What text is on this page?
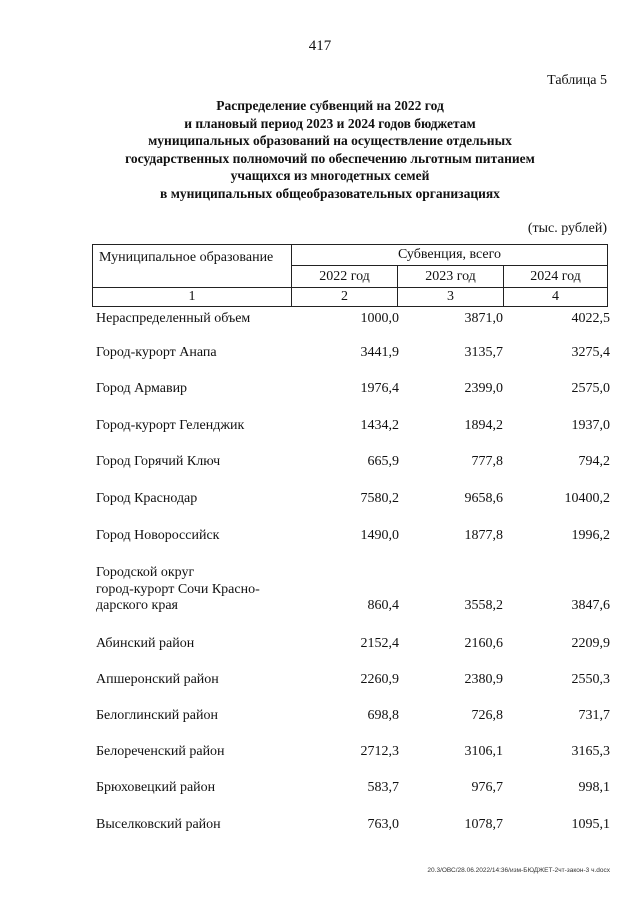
417
Таблица 5
Распределение субвенций на 2022 год
и плановый период 2023 и 2024 годов бюджетам
муниципальных образований на осуществление отдельных
государственных полномочий по обеспечению льготным питанием
учащихся из многодетных семей
в муниципальных общеобразовательных организациях
(тыс. рублей)
Муниципальное образование	Субвенция, всего
2022 год	2023 год	2024 год
1	2	3	4
Нераспределенный объем	1000,0	3871,0	4022,5
Город-курорт Анапа	3441,9	3135,7	3275,4
Город Армавир	1976,4	2399,0	2575,0
Город-курорт Геленджик	1434,2	1894,2	1937,0
Город Горячий Ключ	665,9	777,8	794,2
Город Краснодар	7580,2	9658,6	10400,2
Город Новороссийск	1490,0	1877,8	1996,2
Городской округ
город-курорт Сочи Красно-
дарского края	860,4	3558,2	3847,6
Абинский район	2152,4	2160,6	2209,9
Апшеронский район	2260,9	2380,9	2550,3
Белоглинский район	698,8	726,8	731,7
Белореченский район	2712,3	3106,1	3165,3
Брюховецкий район	583,7	976,7	998,1
Выселковский район	763,0	1078,7	1095,1
20.3/ОВС/28.06.2022/14:36/изм-БЮДЖЕТ-2чт-закон-3 ч.docx
